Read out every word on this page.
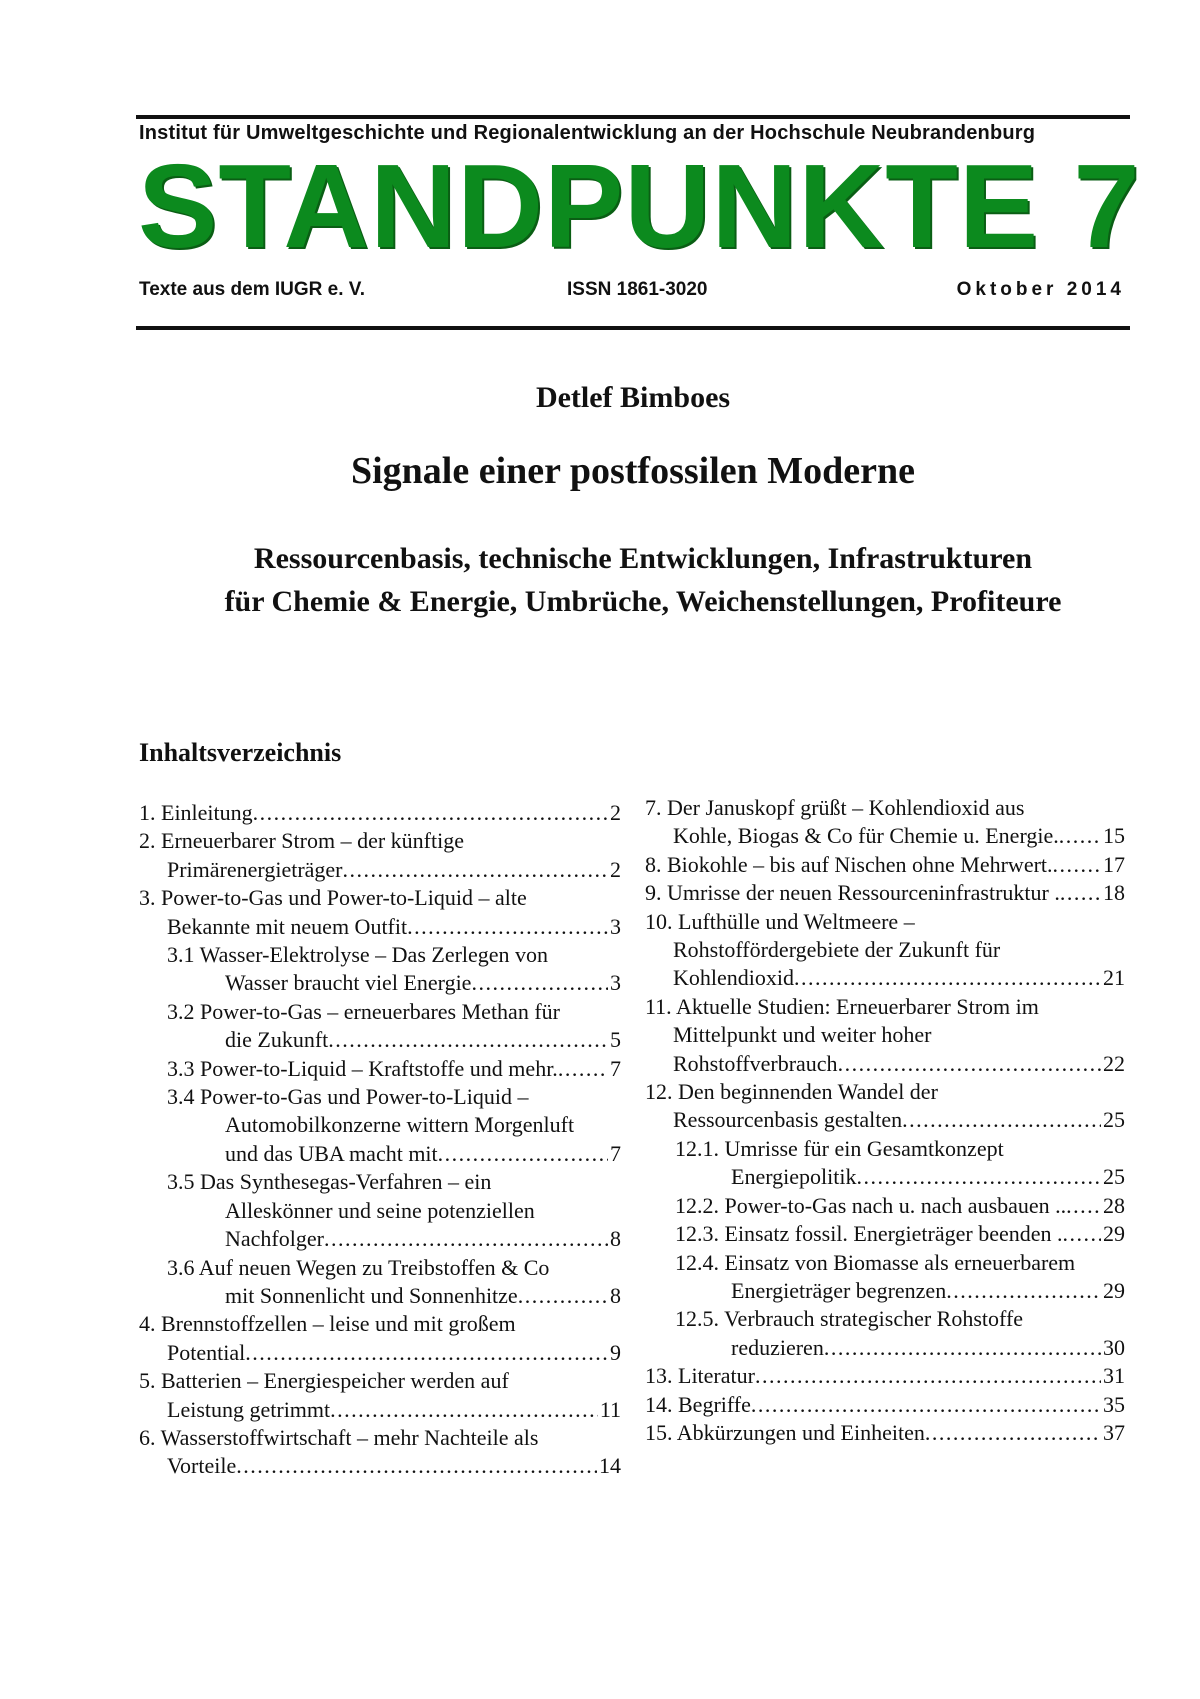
Institut für Umweltgeschichte und Regionalentwicklung an der Hochschule Neubrandenburg
STANDPUNKTE 7
Texte aus dem IUGR e. V.	ISSN 1861-3020	Oktober 2014
Detlef Bimboes
Signale einer postfossilen Moderne
Ressourcenbasis, technische Entwicklungen, Infrastrukturen
für Chemie & Energie, Umbrüche, Weichenstellungen, Profiteure
Inhaltsverzeichnis
1. Einleitung . . .	2
2. Erneuerbarer Strom – der künftige
Primärenergieträger . . .	2
3. Power-to-Gas und Power-to-Liquid – alte
Bekannte mit neuem Outfit . . .	3
3.1 Wasser-Elektrolyse – Das Zerlegen von
Wasser braucht viel Energie . . .	3
3.2 Power-to-Gas – erneuerbares Methan für
die Zukunft . . .	5
3.3 Power-to-Liquid – Kraftstoffe und mehr. . . . 7
3.4 Power-to-Gas und Power-to-Liquid –
Automobilkonzerne wittern Morgenluft
und das UBA macht mit . . .	7
3.5 Das Synthesegas-Verfahren – ein
Alleskönner und seine potenziellen
Nachfolger . . .	8
3.6 Auf neuen Wegen zu Treibstoffen & Co
mit Sonnenlicht und Sonnenhitze . . .	8
4. Brennstoffzellen – leise und mit großem
Potential . . .	9
5. Batterien – Energiespeicher werden auf
Leistung getrimmt . . .	11
6. Wasserstoffwirtschaft – mehr Nachteile als
Vorteile . . .	14
7. Der Januskopf grüßt – Kohlendioxid aus
Kohle, Biogas & Co für Chemie u. Energie. . . . 15
8. Biokohle – bis auf Nischen ohne Mehrwert. . . . 17
9. Umrisse der neuen Ressourceninfrastruktur . . . . 18
10. Lufthülle und Weltmeere –
Rohstoffördergebiete der Zukunft für
Kohlendioxid . . .	21
11. Aktuelle Studien: Erneuerbarer Strom im
Mittelpunkt und weiter hoher
Rohstoffverbrauch . . .	22
12. Den beginnenden Wandel der
Ressourcenbasis gestalten . . .	25
12.1. Umrisse für ein Gesamtkonzept
Energiepolitik . . .	25
12.2. Power-to-Gas nach u. nach ausbauen .. . . . 28
12.3. Einsatz fossil. Energieträger beenden . . . . 29
12.4. Einsatz von Biomasse als erneuerbarem
Energieträger begrenzen . . .	29
12.5. Verbrauch strategischer Rohstoffe
reduzieren . . .	30
13. Literatur . . .	31
14. Begriffe . . .	35
15. Abkürzungen und Einheiten . . .	37
